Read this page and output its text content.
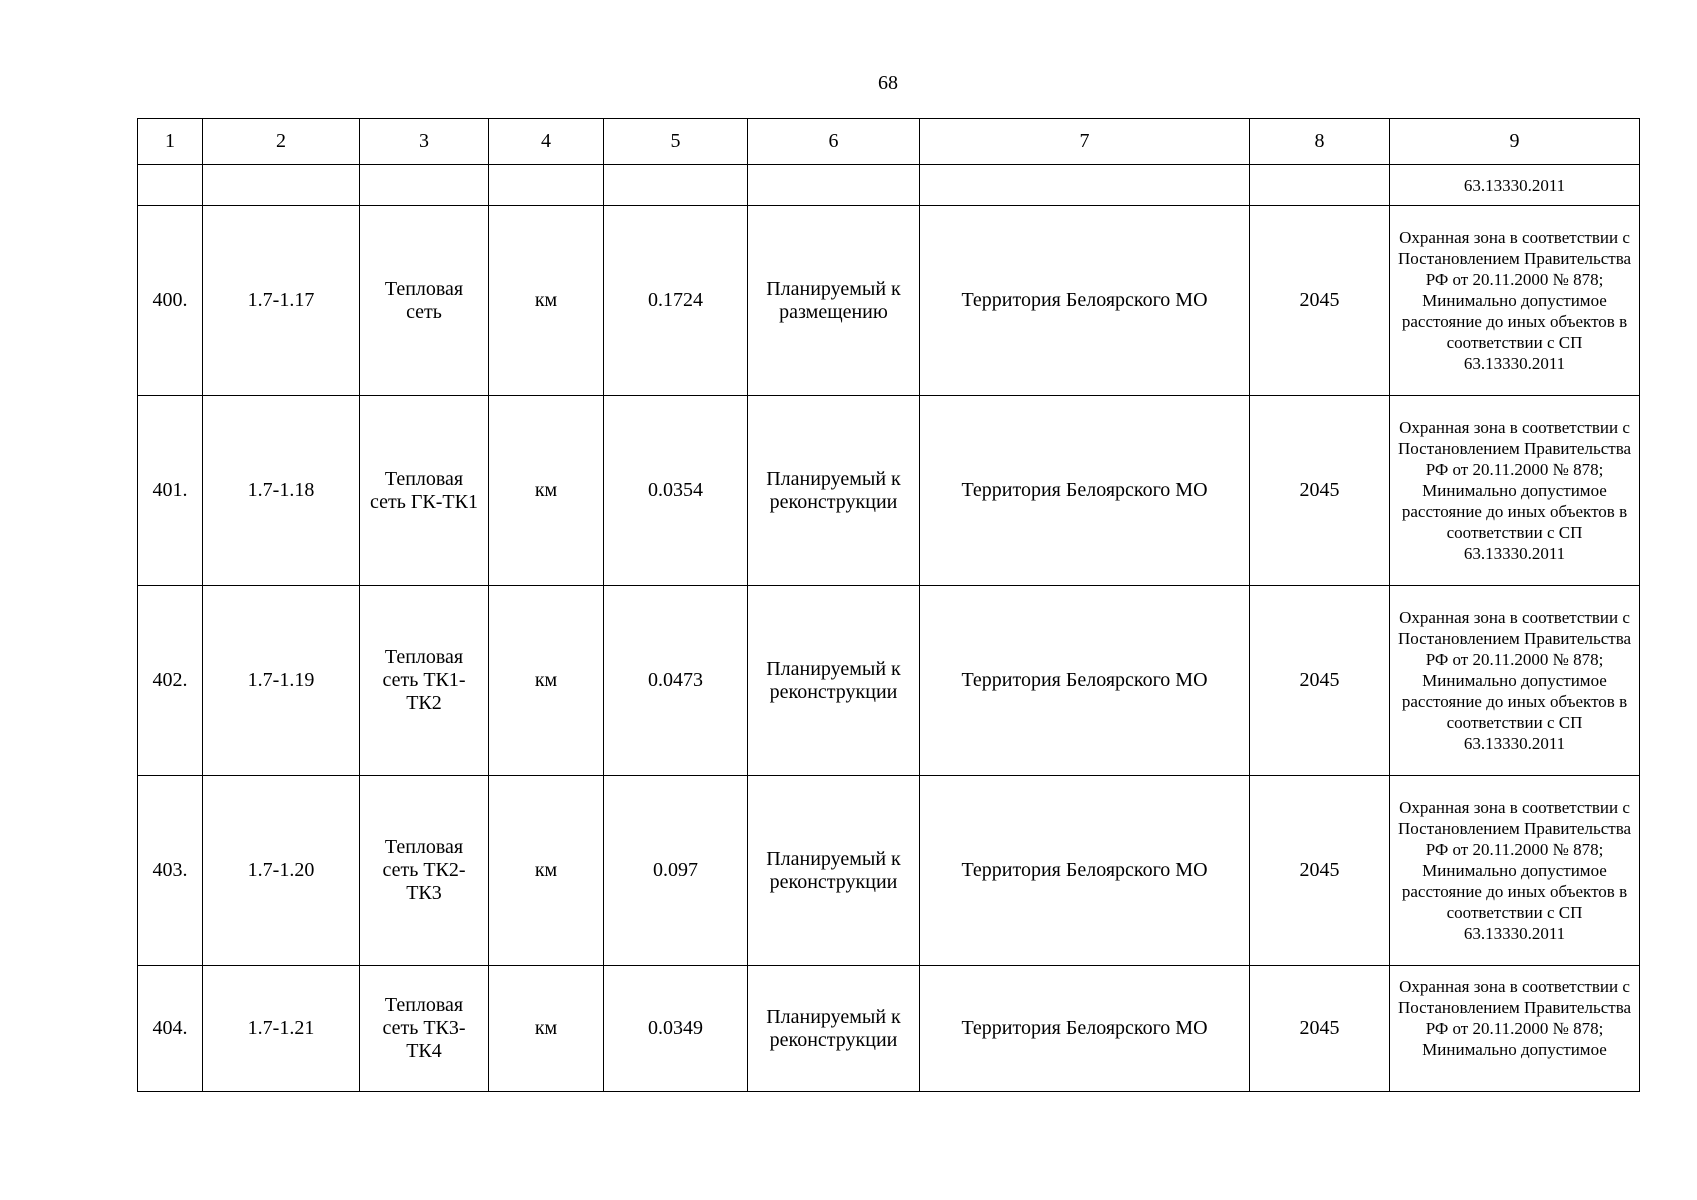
68
1	2	3	4	5	6	7	8	9
								63.13330.2011
400.	1.7-1.17	Тепловая сеть	км	0.1724	Планируемый к размещению	Территория Белоярского МО	2045	Охранная зона в соответствии с Постановлением Правительства РФ от 20.11.2000 № 878; Минимально допустимое расстояние до иных объектов в соответствии с СП 63.13330.2011
401.	1.7-1.18	Тепловая сеть ГК-ТК1	км	0.0354	Планируемый к реконструкции	Территория Белоярского МО	2045	Охранная зона в соответствии с Постановлением Правительства РФ от 20.11.2000 № 878; Минимально допустимое расстояние до иных объектов в соответствии с СП 63.13330.2011
402.	1.7-1.19	Тепловая сеть ТК1-ТК2	км	0.0473	Планируемый к реконструкции	Территория Белоярского МО	2045	Охранная зона в соответствии с Постановлением Правительства РФ от 20.11.2000 № 878; Минимально допустимое расстояние до иных объектов в соответствии с СП 63.13330.2011
403.	1.7-1.20	Тепловая сеть ТК2-ТК3	км	0.097	Планируемый к реконструкции	Территория Белоярского МО	2045	Охранная зона в соответствии с Постановлением Правительства РФ от 20.11.2000 № 878; Минимально допустимое расстояние до иных объектов в соответствии с СП 63.13330.2011
404.	1.7-1.21	Тепловая сеть ТК3-ТК4	км	0.0349	Планируемый к реконструкции	Территория Белоярского МО	2045	Охранная зона в соответствии с Постановлением Правительства РФ от 20.11.2000 № 878; Минимально допустимое
